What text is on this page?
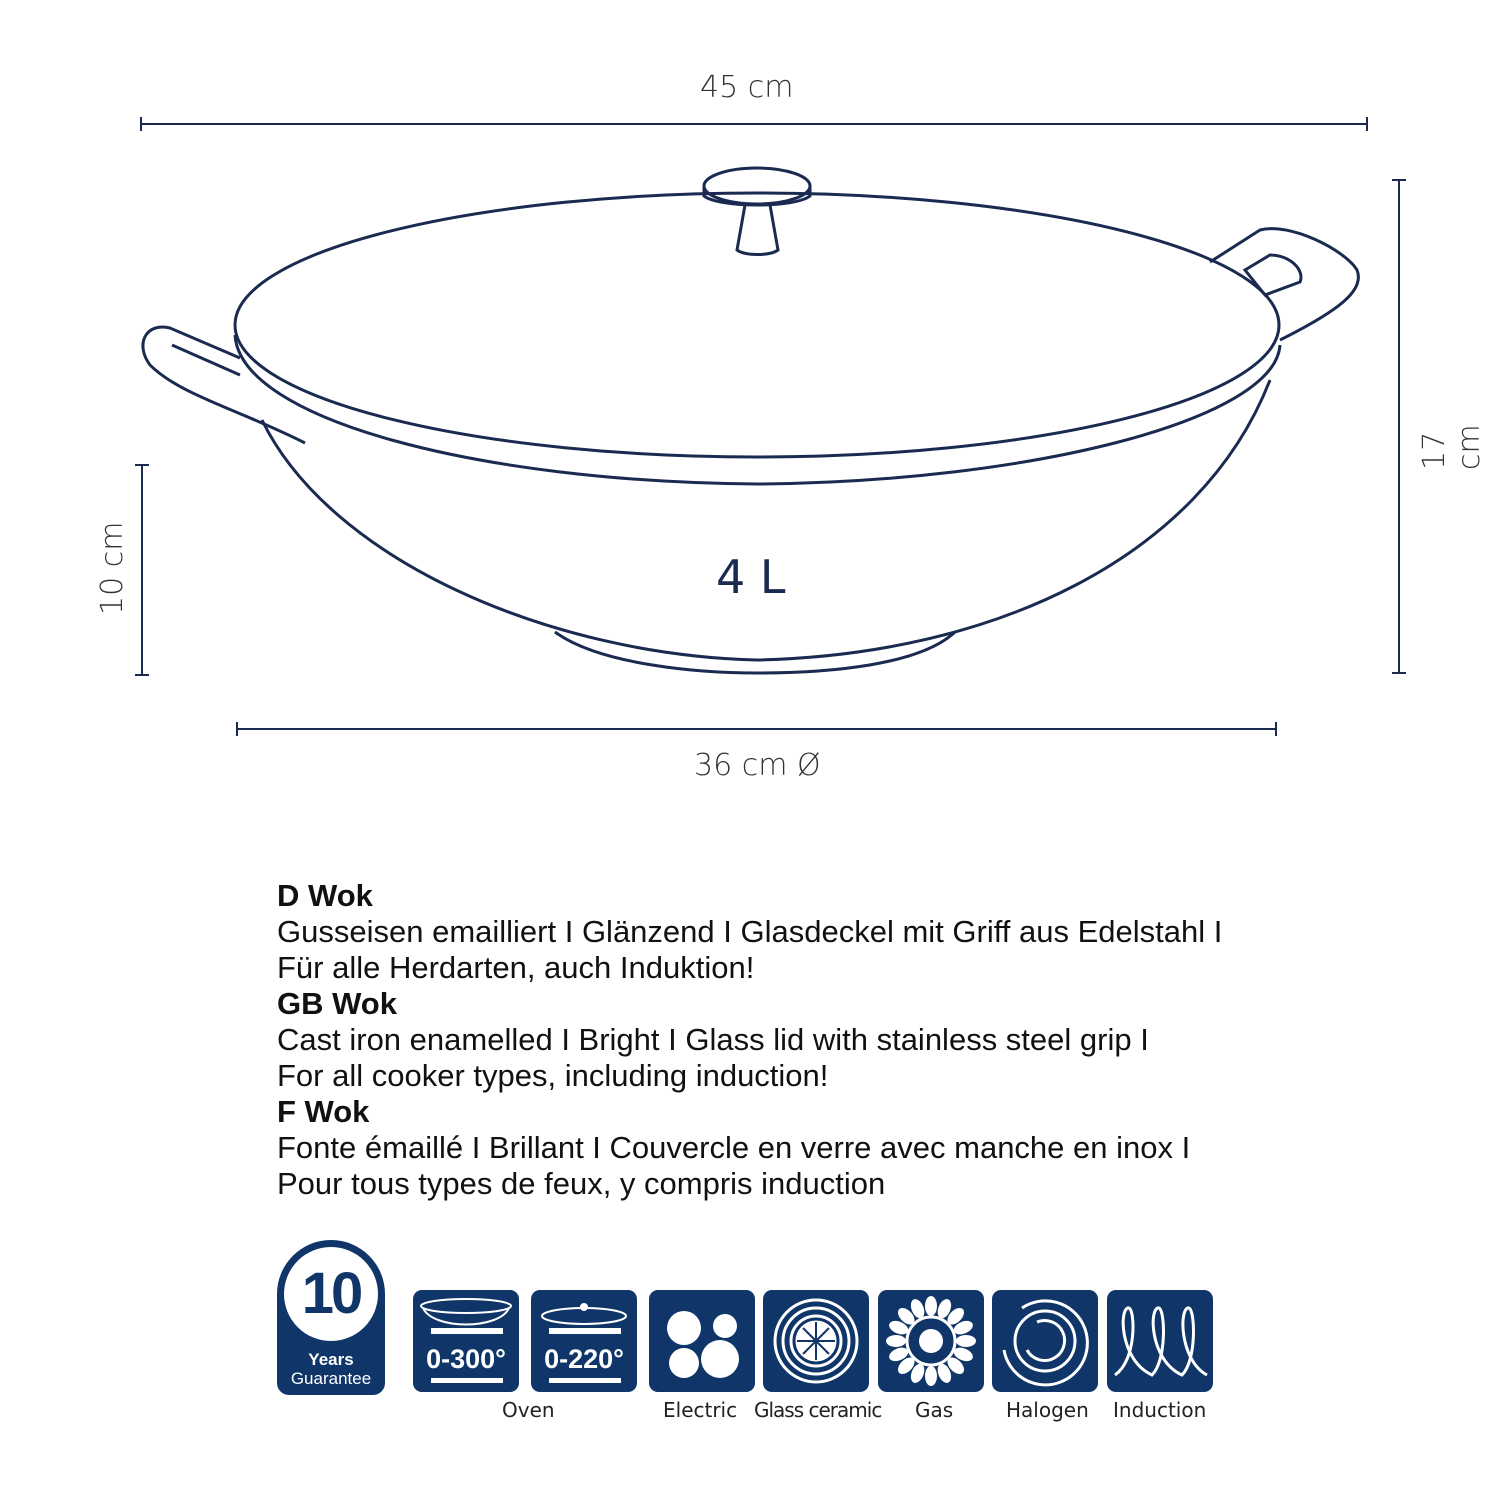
45 cm
17 cm
10 cm
36 cm Ø
4 L
D Wok
Gusseisen emailliert I Glänzend I Glasdeckel mit Griff aus Edelstahl I
Für alle Herdarten, auch Induktion!
GB Wok
Cast iron enamelled I Bright I Glass lid with stainless steel grip I
For all cooker types, including induction!
F Wok
Fonte émaillé I Brillant I Couvercle en verre avec manche en inox I
Pour tous types de feux, y compris induction
10
Years
Guarantee
0-300°	0-220°
Oven	Electric Glass ceramic Gas	Halogen Induction
